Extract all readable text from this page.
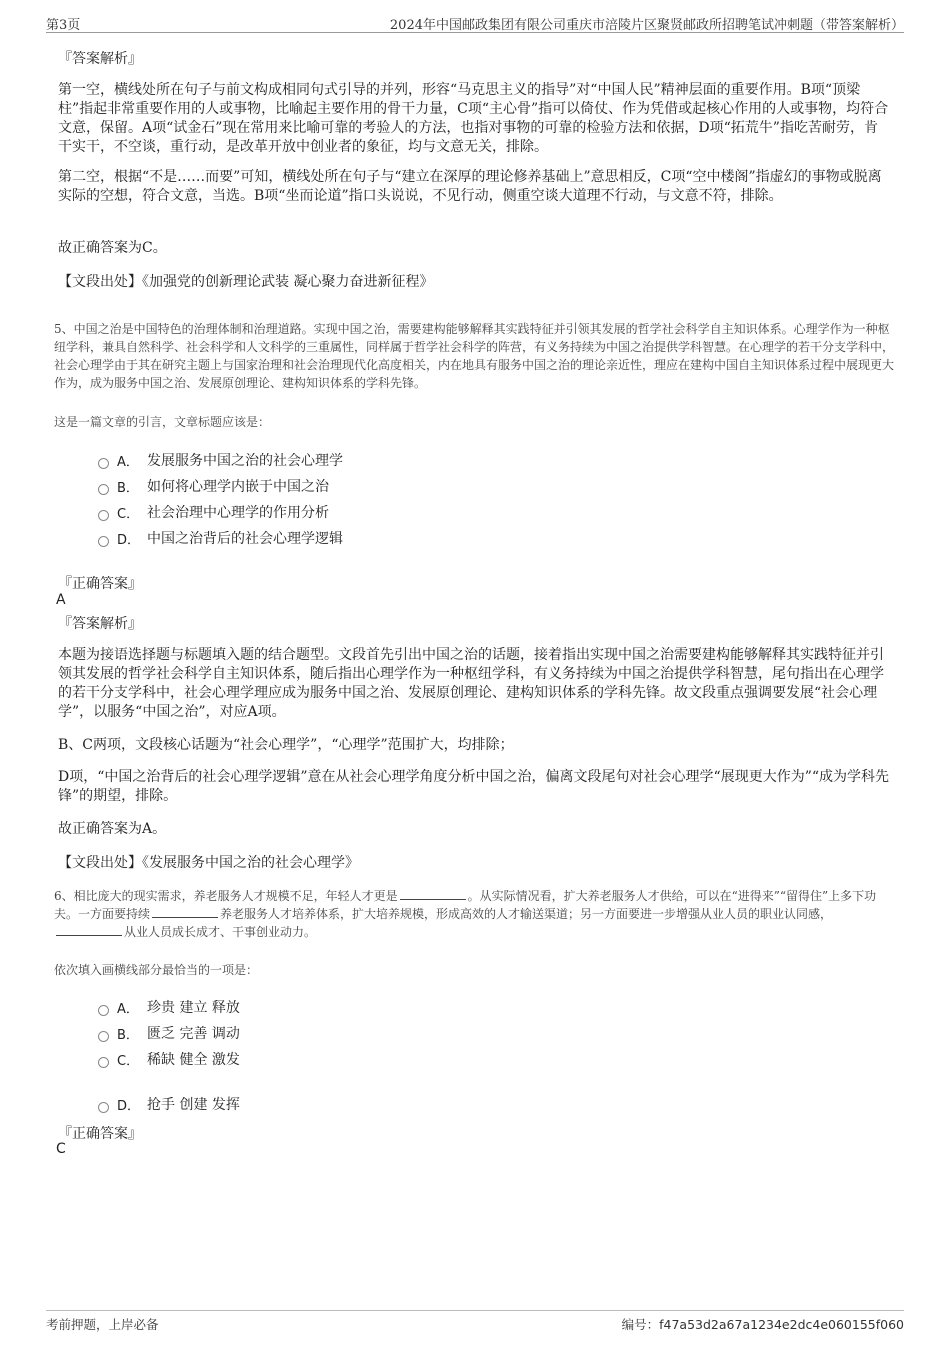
第3页	2024年中国邮政集团有限公司重庆市涪陵片区聚贤邮政所招聘笔试冲刺题（带答案解析）
『答案解析』
第一空，横线处所在句子与前文构成相同句式引导的并列，形容“马克思主义的指导”对“中国人民”精神层面的重要作用。B项“顶梁柱”指起非常重要作用的人或事物，比喻起主要作用的骨干力量，C项“主心骨”指可以倚仗、作为凭借或起核心作用的人或事物，均符合文意，保留。A项“试金石”现在常用来比喻可靠的考验人的方法，也指对事物的可靠的检验方法和依据，D项“拓荒牛”指吃苦耐劳，肯干实干，不空谈，重行动，是改革开放中创业者的象征，均与文意无关，排除。
第二空，根据“不是……而要”可知，横线处所在句子与“建立在深厚的理论修养基础上”意思相反，C项“空中楼阁”指虚幻的事物或脱离实际的空想，符合文意，当选。B项“坐而论道”指口头说说，不见行动，侧重空谈大道理不行动，与文意不符，排除。
故正确答案为C。
【文段出处】《加强党的创新理论武装 凝心聚力奋进新征程》
5、中国之治是中国特色的治理体制和治理道路。实现中国之治，需要建构能够解释其实践特征并引领其发展的哲学社会科学自主知识体系。心理学作为一种枢纽学科，兼具自然科学、社会科学和人文科学的三重属性，同样属于哲学社会科学的阵营，有义务持续为中国之治提供学科智慧。在心理学的若干分支学科中，社会心理学由于其在研究主题上与国家治理和社会治理现代化高度相关，内在地具有服务中国之治的理论亲近性，理应在建构中国自主知识体系过程中展现更大作为，成为服务中国之治、发展原创理论、建构知识体系的学科先锋。
这是一篇文章的引言，文章标题应该是：
A． 发展服务中国之治的社会心理学
B． 如何将心理学内嵌于中国之治
C． 社会治理中心理学的作用分析
D． 中国之治背后的社会心理学逻辑
『正确答案』
A
『答案解析』
本题为接语选择题与标题填入题的结合题型。文段首先引出中国之治的话题，接着指出实现中国之治需要建构能够解释其实践特征并引领其发展的哲学社会科学自主知识体系，随后指出心理学作为一种枢纽学科，有义务持续为中国之治提供学科智慧，尾句指出在心理学的若干分支学科中，社会心理学理应成为服务中国之治、发展原创理论、建构知识体系的学科先锋。故文段重点强调要发展“社会心理学”，以服务“中国之治”，对应A项。
B、C两项，文段核心话题为“社会心理学”，“心理学”范围扩大，均排除；
D项，“中国之治背后的社会心理学逻辑”意在从社会心理学角度分析中国之治，偏离文段尾句对社会心理学“展现更大作为”“成为学科先锋”的期望，排除。
故正确答案为A。
【文段出处】《发展服务中国之治的社会心理学》
6、相比庞大的现实需求，养老服务人才规模不足，年轻人才更是	。从实际情况看，扩大养老服务人才供给，可以在“进得来”“留得住”上多下功夫。一方面要持续	养老服务人才培养体系，扩大培养规模，形成高效的人才输送渠道；另一方面要进一步增强从业人员的职业认同感，从业人员成长成才、干事创业动力。
依次填入画横线部分最恰当的一项是：
A． 珍贵 建立 释放
B． 匮乏 完善 调动
C． 稀缺 健全 激发
D． 抢手 创建 发挥
『正确答案』
C
考前押题，上岸必备	编号：f47a53d2a67a1234e2dc4e060155f060
